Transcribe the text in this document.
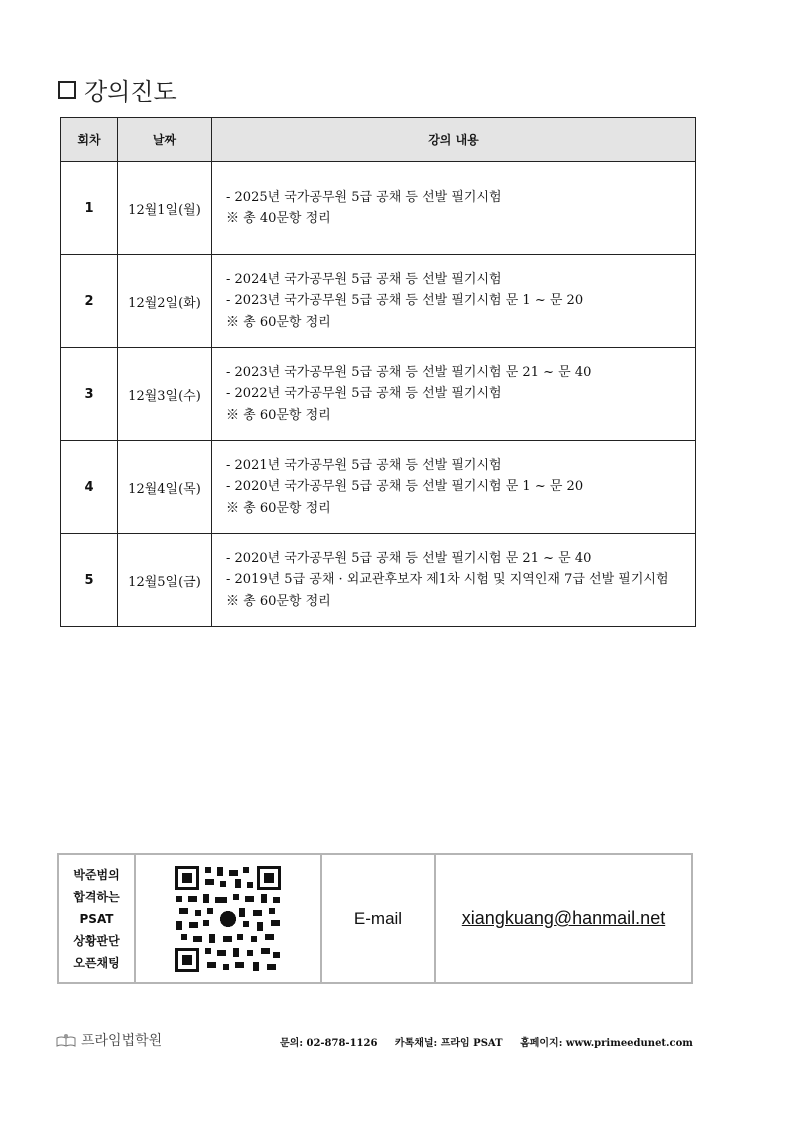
강의진도
회차	날짜	강의 내용
1	12월1일(월)	- 2025년 국가공무원 5급 공채 등 선발 필기시험
※ 총 40문항 정리

2	12월2일(화)	- 2024년 국가공무원 5급 공채 등 선발 필기시험
- 2023년 국가공무원 5급 공채 등 선발 필기시험 문 1 ~ 문 20
※ 총 60문항 정리

3	12월3일(수)	- 2023년 국가공무원 5급 공채 등 선발 필기시험 문 21 ~ 문 40
- 2022년 국가공무원 5급 공채 등 선발 필기시험
※ 총 60문항 정리

4	12월4일(목)	- 2021년 국가공무원 5급 공채 등 선발 필기시험
- 2020년 국가공무원 5급 공채 등 선발 필기시험 문 1 ~ 문 20
※ 총 60문항 정리

5	12월5일(금)	- 2020년 국가공무원 5급 공채 등 선발 필기시험 문 21 ~ 문 40
- 2019년 5급 공채 · 외교관후보자 제1차 시험 및 지역인재 7급 선발 필기시험
※ 총 60문항 정리
박준범의
합격하는
PSAT
상황판단
오픈채팅
E-mail	xiangkuang@hanmail.net
프라임법학원	문의: 02-878-1126 카톡채널: 프라임 PSAT 홈페이지: www.primeedunet.com
